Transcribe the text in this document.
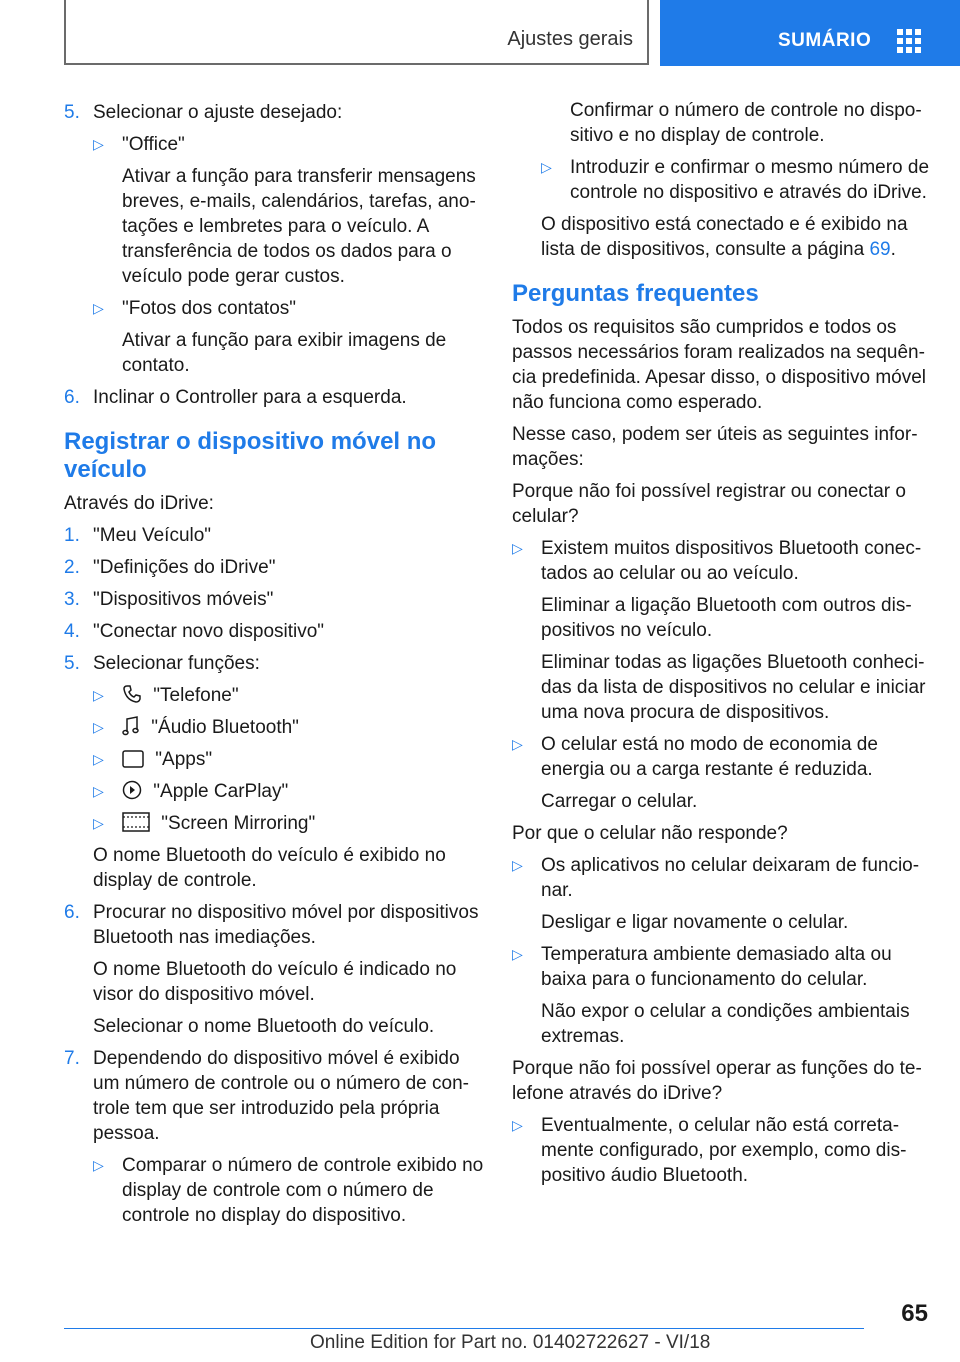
Ajustes gerais	SUMÁRIO
5. Selecionar o ajuste desejado:
▷ "Office"
Ativar a função para transferir mensagens breves, e-mails, calendários, tarefas, anotações e lembretes para o veículo. A transferência de todos os dados para o veículo pode gerar custos.
▷ "Fotos dos contatos"
Ativar a função para exibir imagens de contato.
6. Inclinar o Controller para a esquerda.
Registrar o dispositivo móvel no veículo
Através do iDrive:
1. "Meu Veículo"
2. "Definições do iDrive"
3. "Dispositivos móveis"
4. "Conectar novo dispositivo"
5. Selecionar funções:
▷	"Telefone"
▷	"Áudio Bluetooth"
▷	"Apps"
▷	"Apple CarPlay"
▷	"Screen Mirroring"
O nome Bluetooth do veículo é exibido no display de controle.
6. Procurar no dispositivo móvel por dispositivos Bluetooth nas imediações.
O nome Bluetooth do veículo é indicado no visor do dispositivo móvel.
Selecionar o nome Bluetooth do veículo.
7. Dependendo do dispositivo móvel é exibido um número de controle ou o número de controle tem que ser introduzido pela própria pessoa.
▷ Comparar o número de controle exibido no display de controle com o número de controle no display do dispositivo.
Confirmar o número de controle no dispositivo e no display de controle.
▷ Introduzir e confirmar o mesmo número de controle no dispositivo e através do iDrive.
O dispositivo está conectado e é exibido na lista de dispositivos, consulte a página 69.
Perguntas frequentes
Todos os requisitos são cumpridos e todos os passos necessários foram realizados na sequência predefinida. Apesar disso, o dispositivo móvel não funciona como esperado.
Nesse caso, podem ser úteis as seguintes informações:
Porque não foi possível registrar ou conectar o celular?
▷ Existem muitos dispositivos Bluetooth conectados ao celular ou ao veículo.
Eliminar a ligação Bluetooth com outros dispositivos no veículo.
Eliminar todas as ligações Bluetooth conhecidas da lista de dispositivos no celular e iniciar uma nova procura de dispositivos.
▷ O celular está no modo de economia de energia ou a carga restante é reduzida.
Carregar o celular.
Por que o celular não responde?
▷ Os aplicativos no celular deixaram de funcionar.
Desligar e ligar novamente o celular.
▷ Temperatura ambiente demasiado alta ou baixa para o funcionamento do celular.
Não expor o celular a condições ambientais extremas.
Porque não foi possível operar as funções do telefone através do iDrive?
▷ Eventualmente, o celular não está corretamente configurado, por exemplo, como dispositivo áudio Bluetooth.
65
Online Edition for Part no. 01402722627 - VI/18
